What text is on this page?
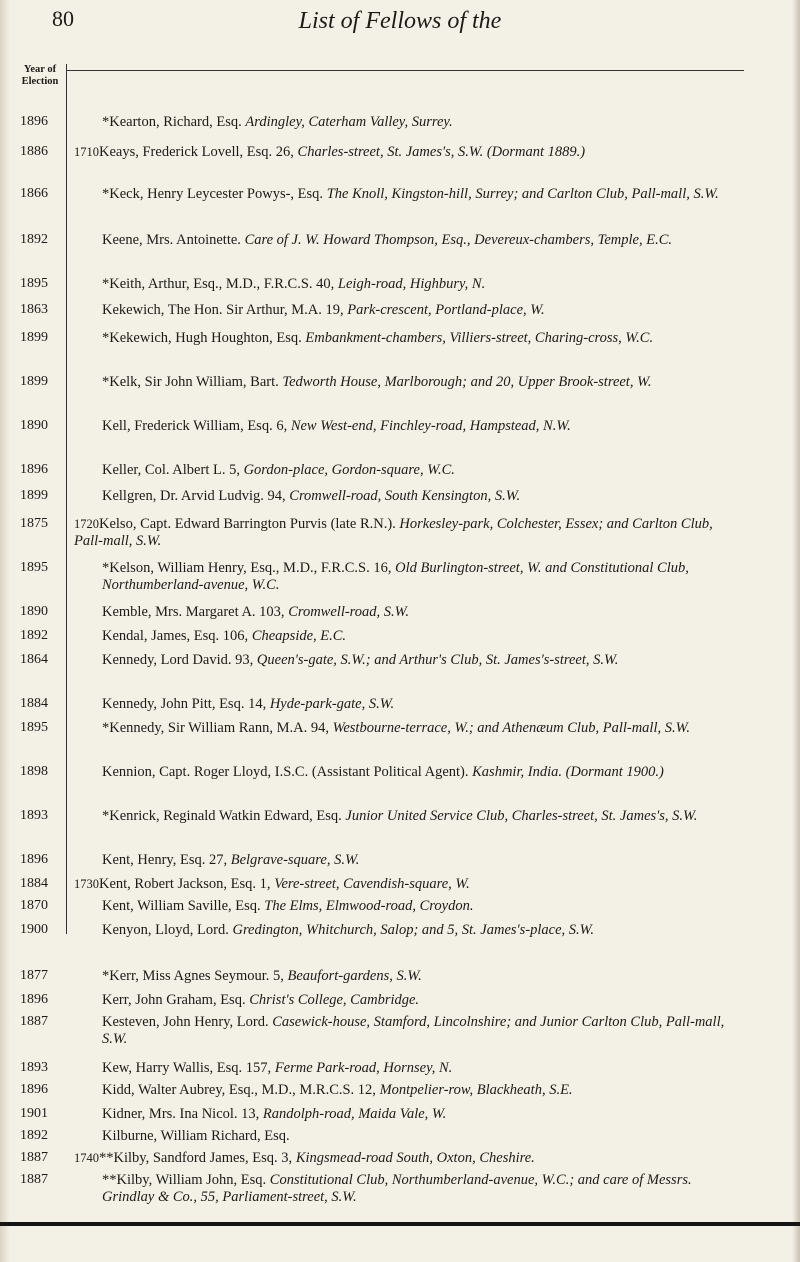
80	List of Fellows of the
Year of
Election
1896	*Kearton, Richard, Esq. Ardingley, Caterham Valley, Surrey.
1886	1710Keays, Frederick Lovell, Esq. 26, Charles-street, St. James's, S.W. (Dormant 1889.)
1866	*Keck, Henry Leycester Powys-, Esq. The Knoll, Kingston-hill, Surrey; and Carlton Club, Pall-mall, S.W.
1892	Keene, Mrs. Antoinette. Care of J. W. Howard Thompson, Esq., Devereux-chambers, Temple, E.C.
1895	*Keith, Arthur, Esq., M.D., F.R.C.S. 40, Leigh-road, Highbury, N.
1863	Kekewich, The Hon. Sir Arthur, M.A. 19, Park-crescent, Portland-place, W.
1899	*Kekewich, Hugh Houghton, Esq. Embankment-chambers, Villiers-street, Charing-cross, W.C.
1899	*Kelk, Sir John William, Bart. Tedworth House, Marlborough; and 20, Upper Brook-street, W.
1890	Kell, Frederick William, Esq. 6, New West-end, Finchley-road, Hampstead, N.W.
1896	Keller, Col. Albert L. 5, Gordon-place, Gordon-square, W.C.
1899	Kellgren, Dr. Arvid Ludvig. 94, Cromwell-road, South Kensington, S.W.
1875	1720Kelso, Capt. Edward Barrington Purvis (late R.N.). Horkesley-park, Colchester, Essex; and Carlton Club, Pall-mall, S.W.
1895	*Kelson, William Henry, Esq., M.D., F.R.C.S. 16, Old Burlington-street, W. and Constitutional Club, Northumberland-avenue, W.C.
1890	Kemble, Mrs. Margaret A. 103, Cromwell-road, S.W.
1892	Kendal, James, Esq. 106, Cheapside, E.C.
1864	Kennedy, Lord David. 93, Queen's-gate, S.W.; and Arthur's Club, St. James's-street, S.W.
1884	Kennedy, John Pitt, Esq. 14, Hyde-park-gate, S.W.
1895	*Kennedy, Sir William Rann, M.A. 94, Westbourne-terrace, W.; and Athenæum Club, Pall-mall, S.W.
1898	Kennion, Capt. Roger Lloyd, I.S.C. (Assistant Political Agent). Kashmir, India. (Dormant 1900.)
1893	*Kenrick, Reginald Watkin Edward, Esq. Junior United Service Club, Charles-street, St. James's, S.W.
1896	Kent, Henry, Esq. 27, Belgrave-square, S.W.
1884	1730Kent, Robert Jackson, Esq. 1, Vere-street, Cavendish-square, W.
1870	Kent, William Saville, Esq. The Elms, Elmwood-road, Croydon.
1900	Kenyon, Lloyd, Lord. Gredington, Whitchurch, Salop; and 5, St. James's-place, S.W.
1877	*Kerr, Miss Agnes Seymour. 5, Beaufort-gardens, S.W.
1896	Kerr, John Graham, Esq. Christ's College, Cambridge.
1887	Kesteven, John Henry, Lord. Casewick-house, Stamford, Lincolnshire; and Junior Carlton Club, Pall-mall, S.W.
1893	Kew, Harry Wallis, Esq. 157, Ferme Park-road, Hornsey, N.
1896	Kidd, Walter Aubrey, Esq., M.D., M.R.C.S. 12, Montpelier-row, Blackheath, S.E.
1901	Kidner, Mrs. Ina Nicol. 13, Randolph-road, Maida Vale, W.
1892	Kilburne, William Richard, Esq.
1887	1740**Kilby, Sandford James, Esq. 3, Kingsmead-road South, Oxton, Cheshire.
1887	**Kilby, William John, Esq. Constitutional Club, Northumberland-avenue, W.C.; and care of Messrs. Grindlay & Co., 55, Parliament-street, S.W.
